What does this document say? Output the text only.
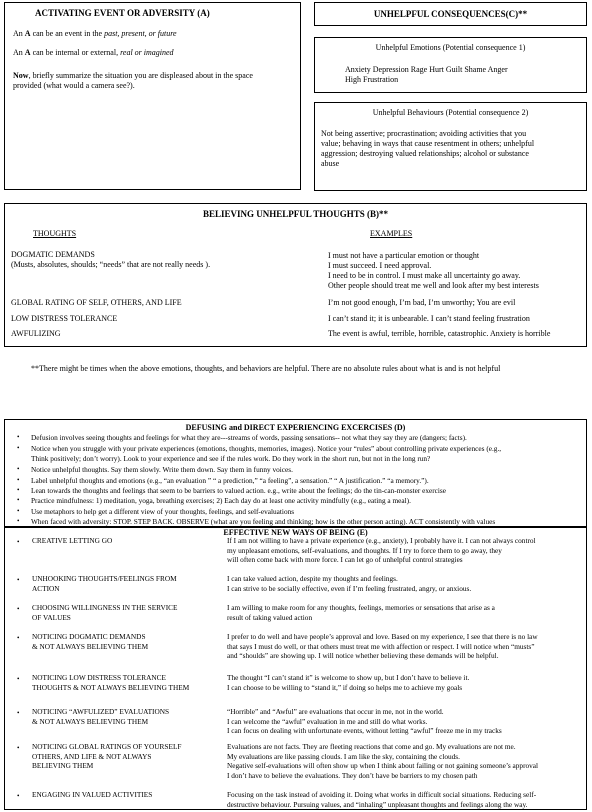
ACTIVATING EVENT OR ADVERSITY (A)
An A can be an event in the past, present, or future
An A can be internal or external, real or imagined
Now, briefly summarize the situation you are displeased about in the space
provided (what would a camera see?).
UNHELPFUL CONSEQUENCES(C)**
Unhelpful Emotions (Potential consequence 1)
Anxiety Depression Rage Hurt Guilt Shame Anger
High Frustration
Unhelpful Behaviours (Potential consequence 2)
Not being assertive; procrastination; avoiding activities that you
value; behaving in ways that cause resentment in others; unhelpful
aggression; destroying valued relationships; alcohol or substance
abuse
BELIEVING UNHELPFUL THOUGHTS (B)**
THOUGHTS	EXAMPLES
DOGMATIC DEMANDS
(Musts, absolutes, shoulds; “needs” that are not really needs ).
I must not have a particular emotion or thought
I must succeed. I need approval.
I need to be in control. I must make all uncertainty go away.
Other people should treat me well and look after my best interests
GLOBAL RATING OF SELF, OTHERS, AND LIFE	I’m not good enough, I’m bad, I’m unworthy; You are evil
LOW DISTRESS TOLERANCE	I can’t stand it; it is unbearable. I can’t stand feeling frustration
AWFULIZING	The event is awful, terrible, horrible, catastrophic. Anxiety is horrible
**There might be times when the above emotions, thoughts, and behaviors are helpful. There are no absolute rules about what is and is not helpful
DEFUSING and DIRECT EXPERIENCING EXCERCISES (D)
• Defusion involves seeing thoughts and feelings for what they are---streams of words, passing sensations-- not what they say they are (dangers; facts).
• Notice when you struggle with your private experiences (emotions, thoughts, memories, images). Notice your “rules” about controlling private experiences (e.g.,
Think positively; don’t worry). Look to your experience and see if the rules work. Do they work in the short run, but not in the long run?
• Notice unhelpful thoughts. Say them slowly. Write them down. Say them in funny voices.
• Label unhelpful thoughts and emotions (e.g., “an evaluation ” “ a prediction,” “a feeling”, a sensation.” “ A justification.” “a memory.”).
• Lean towards the thoughts and feelings that seem to be barriers to valued action. e.g., write about the feelings; do the tin-can-monster exercise
• Practice mindfulness: 1) meditation, yoga, breathing exercises; 2) Each day do at least one activity mindfully (e.g., eating a meal).
• Use metaphors to help get a different view of your thoughts, feelings, and self-evaluations
• When faced with adversity: STOP. STEP BACK. OBSERVE (what are you feeling and thinking; how is the other person acting). ACT consistently with values
EFFECTIVE NEW WAYS OF BEING (E)
• CREATIVE LETTING GO	If I am not willing to have a private experience (e.g., anxiety), I probably have it. I can not always control
my unpleasant emotions, self-evaluations, and thoughts. If I try to force them to go away, they
will often come back with more force. I can let go of unhelpful control strategies
• UNHOOKING THOUGHTS/FEELINGS FROM
ACTION
I can take valued action, despite my thoughts and feelings.
I can strive to be socially effective, even if I’m feeling frustrated, angry, or anxious.
• CHOOSING WILLINGNESS IN THE SERVICE
OF VALUES
I am willing to make room for any thoughts, feelings, memories or sensations that arise as a
result of taking valued action
• NOTICING DOGMATIC DEMANDS
& NOT ALWAYS BELIEVING THEM
I prefer to do well and have people’s approval and love. Based on my experience, I see that there is no law
that says I must do well, or that others must treat me with affection or respect. I will notice when “musts”
and “shoulds” are showing up. I will notice whether believing these demands will be helpful.
• NOTICING LOW DISTRESS TOLERANCE
THOUGHTS & NOT ALWAYS BELIEVING THEM
The thought “I can’t stand it” is welcome to show up, but I don’t have to believe it.
I can choose to be willing to “stand it,” if doing so helps me to achieve my goals
• NOTICING “AWFULIZED” EVALUATIONS
& NOT ALWAYS BELIEVING THEM
“Horrible” and “Awful” are evaluations that occur in me, not in the world.
I can welcome the “awful” evaluation in me and still do what works.
I can focus on dealing with unfortunate events, without letting “awful” freeze me in my tracks
• NOTICING GLOBAL RATINGS OF YOURSELF
OTHERS, AND LIFE & NOT ALWAYS
BELIEVING THEM
Evaluations are not facts. They are fleeting reactions that come and go. My evaluations are not me.
My evaluations are like passing clouds. I am like the sky, containing the clouds.
Negative self-evaluations will often show up when I think about failing or not gaining someone’s approval
I don’t have to believe the evaluations. They don’t have be barriers to my chosen path
• ENGAGING IN VALUED ACTIVITIES	Focusing on the task instead of avoiding it. Doing what works in difficult social situations. Reducing self-
destructive behaviour. Pursuing values, and “inhaling” unpleasant thoughts and feelings along the way.
